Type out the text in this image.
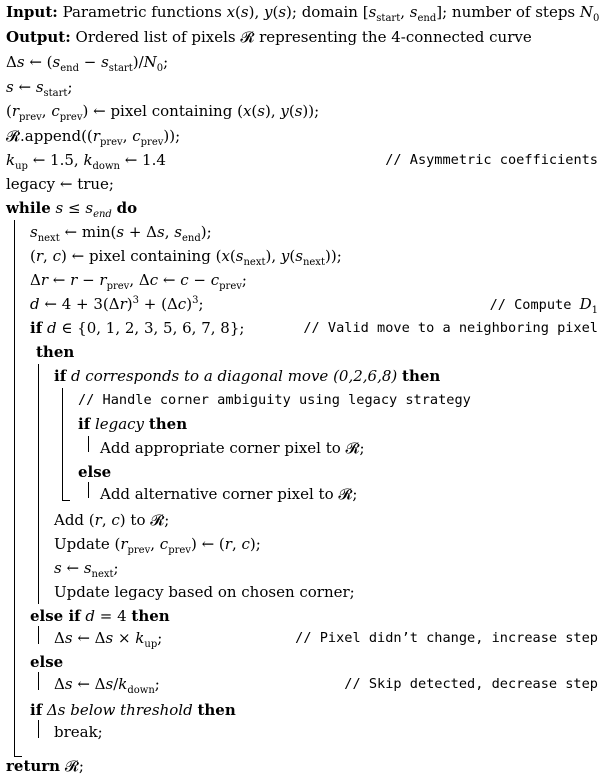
Input: Parametric functions x(s), y(s); domain [$s_{start}$, $s_{end}$]; number of steps $N_0$
Output: Ordered list of pixels 𝓡 representing the 4-connected curve
Δs ← $(s_{end} - s_{start})/N_0$;
s ← $s_{start}$;
($r_{prev}$, $c_{prev}$) ← pixel containing (x(s), y(s));
$𝓡.append((r_{prev}$, $c_{prev}$));
$k_{up}$ ← 1.5, $k_{down}$ ← 1.4	// Asymmetric coefficients
legacy ← true;
while $s \le s_{end}$ do
$s_{next}$ ← min(s + Δs, $s_{end}$);
(r, c) ← pixel containing ($x(s_{next})$, $y(s_{next})$);
Δr ← $r - r_{prev}$, Δc ← $c - c_{prev}$;
d ← $4 + 3(\Delta r)^3 + (\Delta c)^3$;	// Compute $D_1$
if d ∈ {0, 1, 2, 3, 5, 6, 7, 8};	// Valid move to a neighboring pixel
then
if d corresponds to a diagonal move (0,2,6,8) then
// Handle corner ambiguity using legacy strategy
if legacy then
Add appropriate corner pixel to 𝓡;
else
Add alternative corner pixel to 𝓡;
Add (r, c) to 𝓡;
Update ($r_{prev}$, $c_{prev}$) ← (r, c);
s ← $s_{next}$;
Update legacy based on chosen corner;
else if d = 4 then
Δs ← $\Delta s \times k_{up}$;	// Pixel didn’t change, increase step
else
Δs ← $\Delta s/k_{down}$;	// Skip detected, decrease step
if Δs below threshold then
break;
return 𝓡;
